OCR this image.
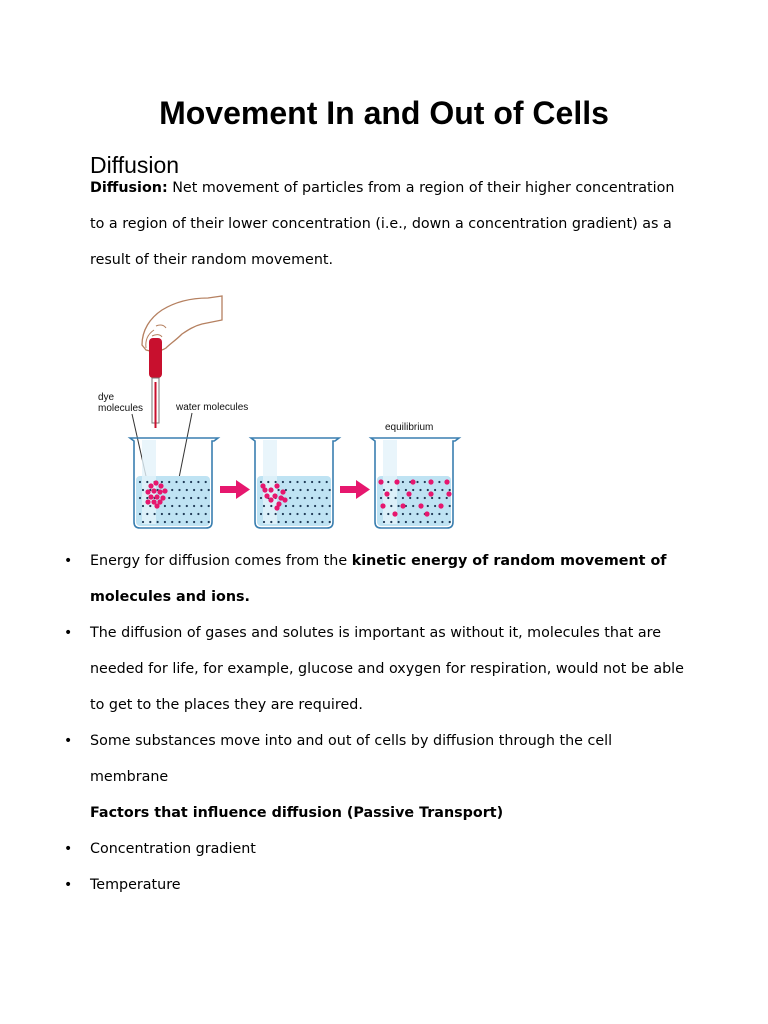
Movement In and Out of Cells
Diffusion

Diffusion: Net movement of particles from a region of their higher concentration to a region of their lower concentration (i.e., down a concentration gradient) as a result of their random movement.

dye
molecules	water molecules
equilibrium
• Energy for diffusion comes from the kinetic energy of random movement of molecules and ions.
• The diffusion of gases and solutes is important as without it, molecules that are needed for life, for example, glucose and oxygen for respiration, would not be able to get to the places they are required.
• Some substances move into and out of cells by diffusion through the cell membrane
Factors that influence diffusion (Passive Transport)
• Concentration gradient
• Temperature
